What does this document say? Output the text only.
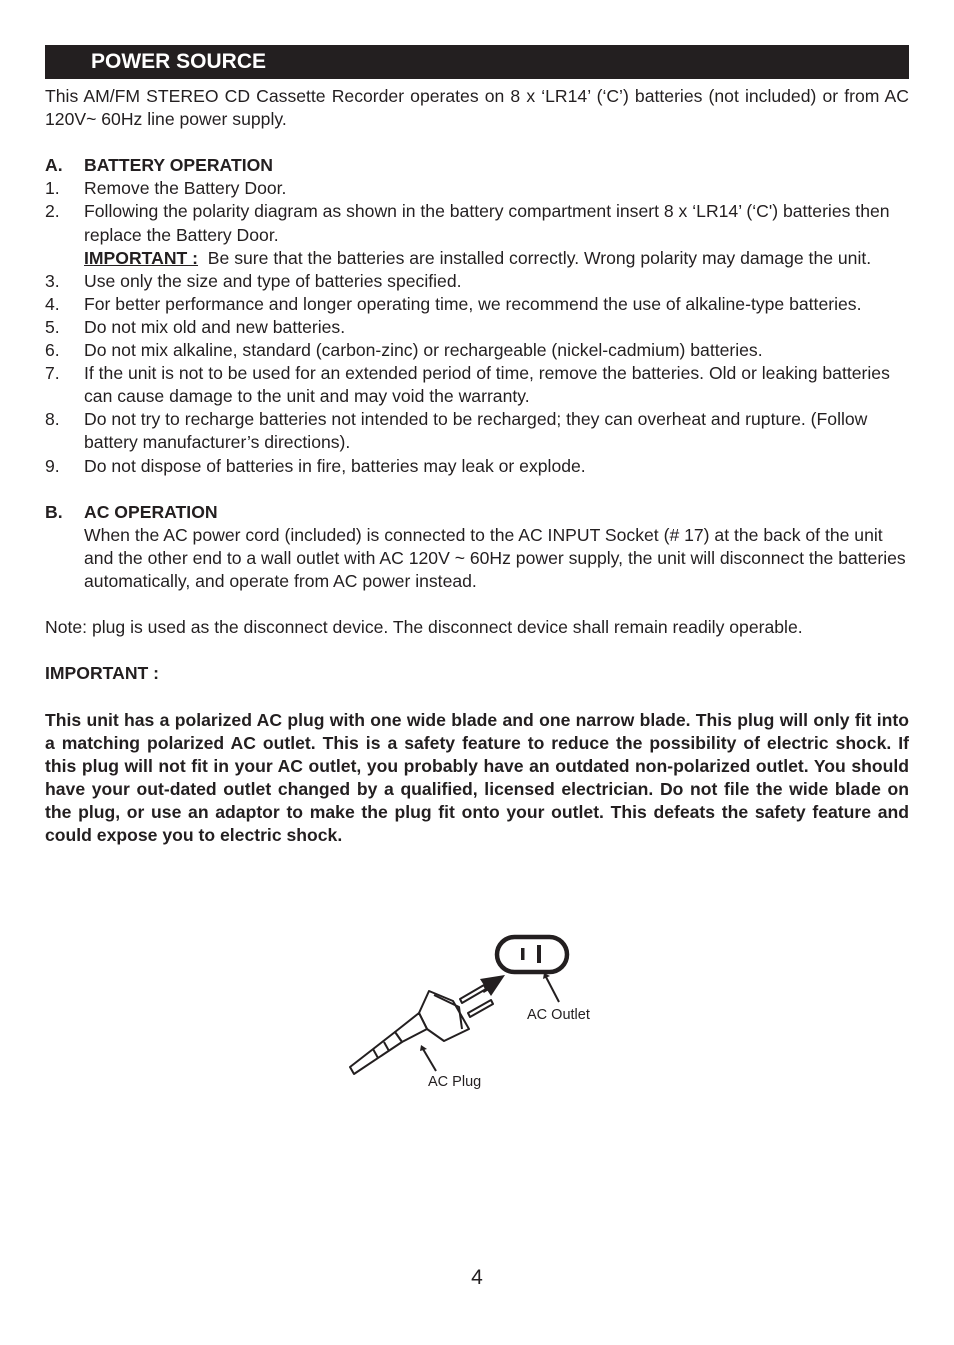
POWER SOURCE

This AM/FM STEREO CD Cassette Recorder operates on 8 x ‘LR14’ (‘C’) batteries (not included) or from AC 120V~ 60Hz line power supply.

A.	BATTERY OPERATION
1.	Remove the Battery Door.
2.	Following the polarity diagram as shown in the battery compartment insert 8 x ‘LR14’ (‘C') batteries then replace the Battery Door.
IMPORTANT : Be sure that the batteries are installed correctly. Wrong polarity may damage the unit.
3.	Use only the size and type of batteries specified.
4.	For better performance and longer operating time, we recommend the use of alkaline-type batteries.
5.	Do not mix old and new batteries.
6.	Do not mix alkaline, standard (carbon-zinc) or rechargeable (nickel-cadmium) batteries.
7.	If the unit is not to be used for an extended period of time, remove the batteries. Old or leaking batteries can cause damage to the unit and may void the warranty.
8.	Do not try to recharge batteries not intended to be recharged; they can overheat and rupture. (Follow battery manufacturer’s directions).
9.	Do not dispose of batteries in fire, batteries may leak or explode.
B.	AC OPERATION
When the AC power cord (included) is connected to the AC INPUT Socket (# 17) at the back of the unit and the other end to a wall outlet with AC 120V ~ 60Hz power supply, the unit will disconnect the batteries automatically, and operate from AC power instead.

Note: plug is used as the disconnect device. The disconnect device shall remain readily operable.

IMPORTANT :

This unit has a polarized AC plug with one wide blade and one narrow blade. This plug will only fit into a matching polarized AC outlet. This is a safety feature to reduce the possibility of electric shock. If this plug will not fit in your AC outlet, you probably have an outdated non-polarized outlet. You should have your out-dated outlet changed by a qualified, licensed electrician. Do not file the wide blade on the plug, or use an adaptor to make the plug fit onto your outlet. This defeats the safety feature and could expose you to electric shock.

AC Outlet
AC Plug
4
